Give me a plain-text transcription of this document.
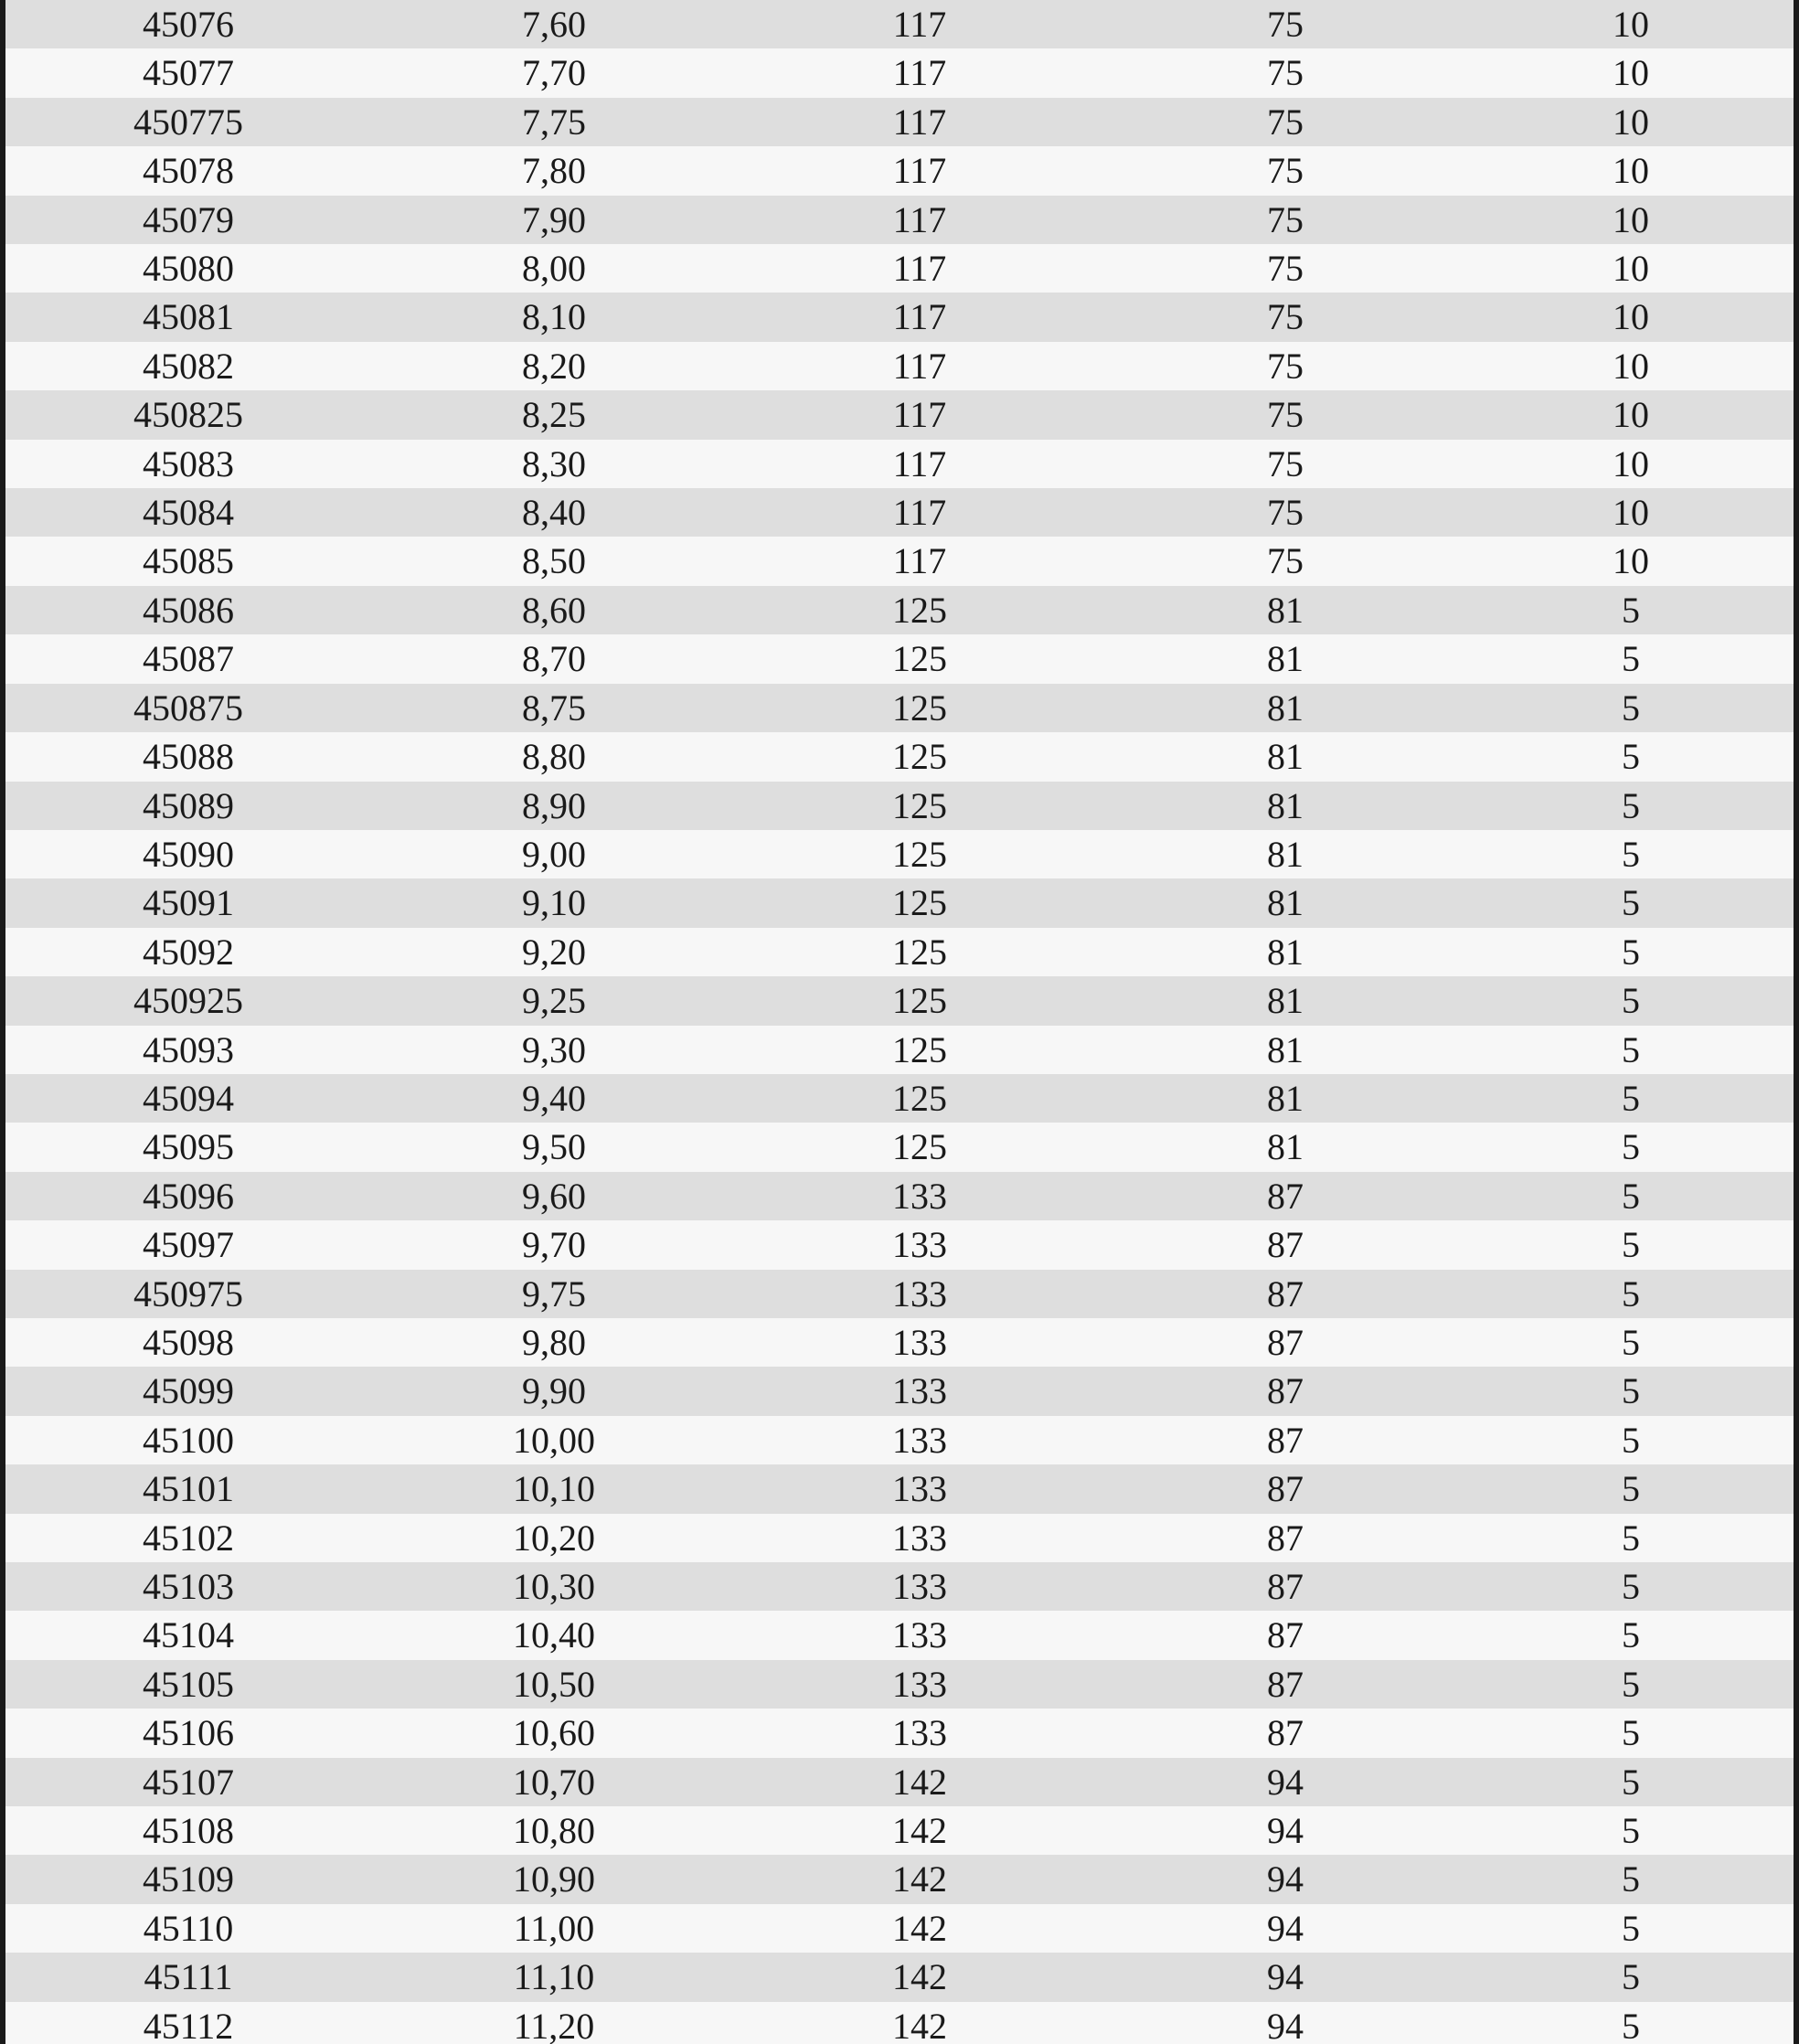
45076	7,60	117	75	10
45077	7,70	117	75	10
450775	7,75	117	75	10
45078	7,80	117	75	10
45079	7,90	117	75	10
45080	8,00	117	75	10
45081	8,10	117	75	10
45082	8,20	117	75	10
450825	8,25	117	75	10
45083	8,30	117	75	10
45084	8,40	117	75	10
45085	8,50	117	75	10
45086	8,60	125	81	5
45087	8,70	125	81	5
450875	8,75	125	81	5
45088	8,80	125	81	5
45089	8,90	125	81	5
45090	9,00	125	81	5
45091	9,10	125	81	5
45092	9,20	125	81	5
450925	9,25	125	81	5
45093	9,30	125	81	5
45094	9,40	125	81	5
45095	9,50	125	81	5
45096	9,60	133	87	5
45097	9,70	133	87	5
450975	9,75	133	87	5
45098	9,80	133	87	5
45099	9,90	133	87	5
45100	10,00	133	87	5
45101	10,10	133	87	5
45102	10,20	133	87	5
45103	10,30	133	87	5
45104	10,40	133	87	5
45105	10,50	133	87	5
45106	10,60	133	87	5
45107	10,70	142	94	5
45108	10,80	142	94	5
45109	10,90	142	94	5
45110	11,00	142	94	5
45111	11,10	142	94	5
45112	11,20	142	94	5
